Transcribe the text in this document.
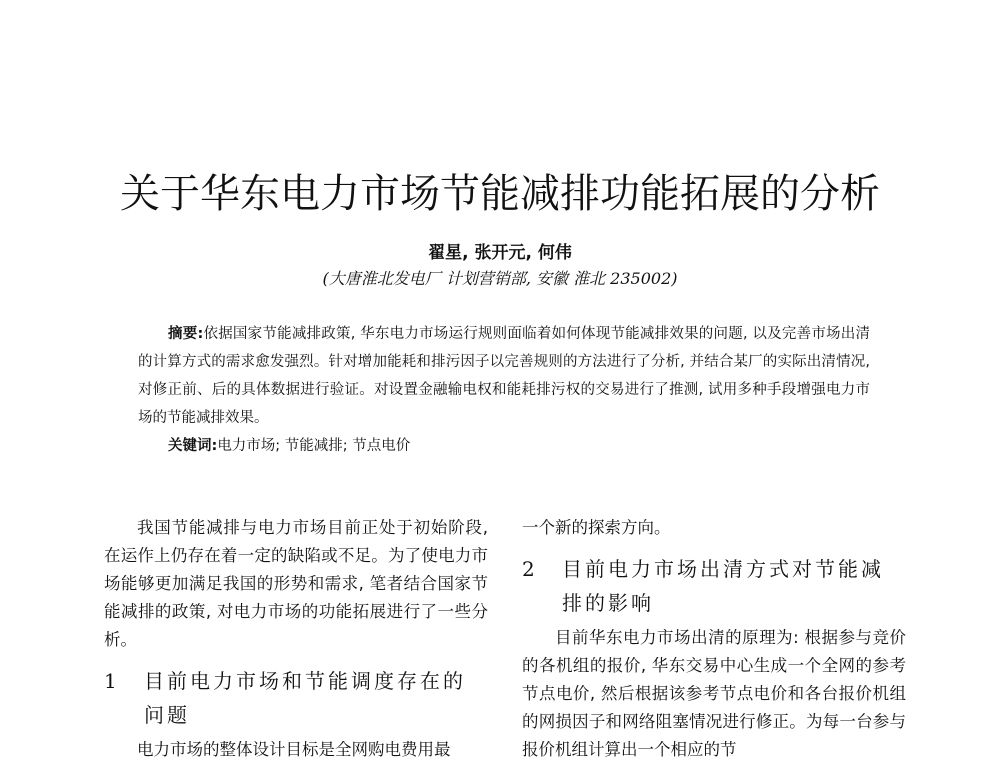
关于华东电力市场节能减排功能拓展的分析
翟星, 张开元, 何伟
(大唐淮北发电厂 计划营销部, 安徽 淮北 235002)
摘要:依据国家节能减排政策, 华东电力市场运行规则面临着如何体现节能减排效果的问题, 以及完善市场出清的计算方式的需求愈发强烈。针对增加能耗和排污因子以完善规则的方法进行了分析, 并结合某厂的实际出清情况, 对修正前、后的具体数据进行验证。对设置金融输电权和能耗排污权的交易进行了推测, 试用多种手段增强电力市场的节能减排效果。
关键词:电力市场; 节能减排; 节点电价

我国节能减排与电力市场目前正处于初始阶段, 在运作上仍存在着一定的缺陷或不足。为了使电力市场能够更加满足我国的形势和需求, 笔者结合国家节能减排的政策, 对电力市场的功能拓展进行了一些分析。

1	目前电力市场和节能调度存在的问题

电力市场的整体设计目标是全网购电费用最

一个新的探索方向。

2	目前电力市场出清方式对节能减排的影响

目前华东电力市场出清的原理为: 根据参与竞价的各机组的报价, 华东交易中心生成一个全网的参考节点电价, 然后根据该参考节点电价和各台报价机组的网损因子和网络阻塞情况进行修正。为每一台参与报价机组计算出一个相应的节
